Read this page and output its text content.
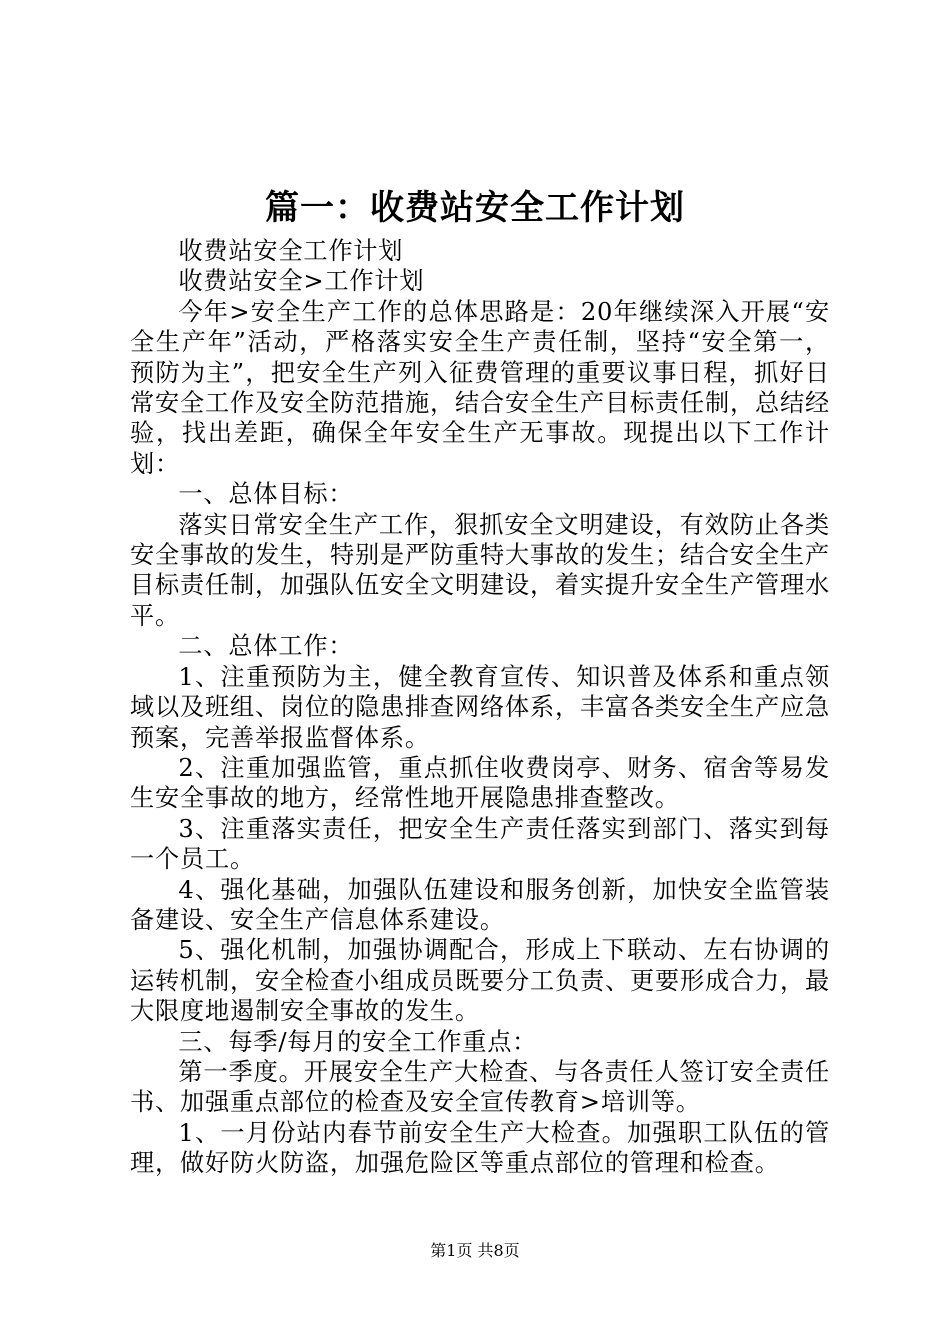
篇一：收费站安全工作计划

收费站安全工作计划

收费站安全>工作计划

今年>安全生产工作的总体思路是：20年继续深入开展“安全生产年”活动，严格落实安全生产责任制，坚持“安全第一，预防为主”，把安全生产列入征费管理的重要议事日程，抓好日常安全工作及安全防范措施，结合安全生产目标责任制，总结经验，找出差距，确保全年安全生产无事故。现提出以下工作计划：

一、总体目标：

落实日常安全生产工作，狠抓安全文明建设，有效防止各类安全事故的发生，特别是严防重特大事故的发生；结合安全生产目标责任制，加强队伍安全文明建设，着实提升安全生产管理水平。

二、总体工作：

1、注重预防为主，健全教育宣传、知识普及体系和重点领域以及班组、岗位的隐患排查网络体系，丰富各类安全生产应急预案，完善举报监督体系。

2、注重加强监管，重点抓住收费岗亭、财务、宿舍等易发生安全事故的地方，经常性地开展隐患排查整改。

3、注重落实责任，把安全生产责任落实到部门、落实到每一个员工。

4、强化基础，加强队伍建设和服务创新，加快安全监管装备建设、安全生产信息体系建设。

5、强化机制，加强协调配合，形成上下联动、左右协调的运转机制，安全检查小组成员既要分工负责、更要形成合力，最大限度地遏制安全事故的发生。

三、每季/每月的安全工作重点：

第一季度。开展安全生产大检查、与各责任人签订安全责任书、加强重点部位的检查及安全宣传教育>培训等。

1、一月份站内春节前安全生产大检查。加强职工队伍的管理，做好防火防盗，加强危险区等重点部位的管理和检查。

第1页 共8页
